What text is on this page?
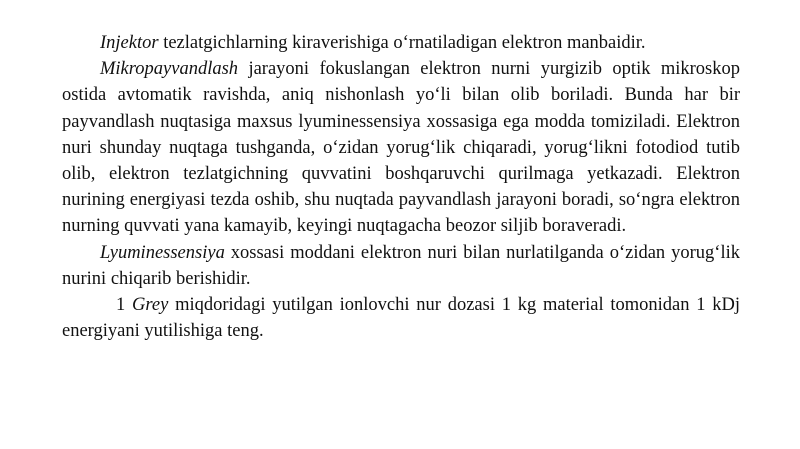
Injektor tezlatgichlarning kiraverishiga o‘rnatiladigan elektron manbaidir.

Mikropayvandlash jarayoni fokuslangan elektron nurni yurgizib optik mikroskop ostida avtomatik ravishda, aniq nishonlash yo‘li bilan olib boriladi. Bunda har bir payvandlash nuqtasiga maxsus lyuminessensiya xossasiga ega modda tomiziladi. Elektron nuri shunday nuqtaga tushganda, o‘zidan yorug‘lik chiqaradi, yorug‘likni fotodiod tutib olib, elektron tezlatgichning quvvatini boshqaruvchi qurilmaga yetkazadi. Elektron nurining energiyasi tezda oshib, shu nuqtada payvandlash jarayoni boradi, so‘ngra elektron nurning quvvati yana kamayib, keyingi nuqtagacha beozor siljib boraveradi.

Lyuminessensiya xossasi moddani elektron nuri bilan nurlatilganda o‘zidan yorug‘lik nurini chiqarib berishidir.

1 Grey miqdoridagi yutilgan ionlovchi nur dozasi 1 kg material tomonidan 1 kDj energiyani yutilishiga teng.
